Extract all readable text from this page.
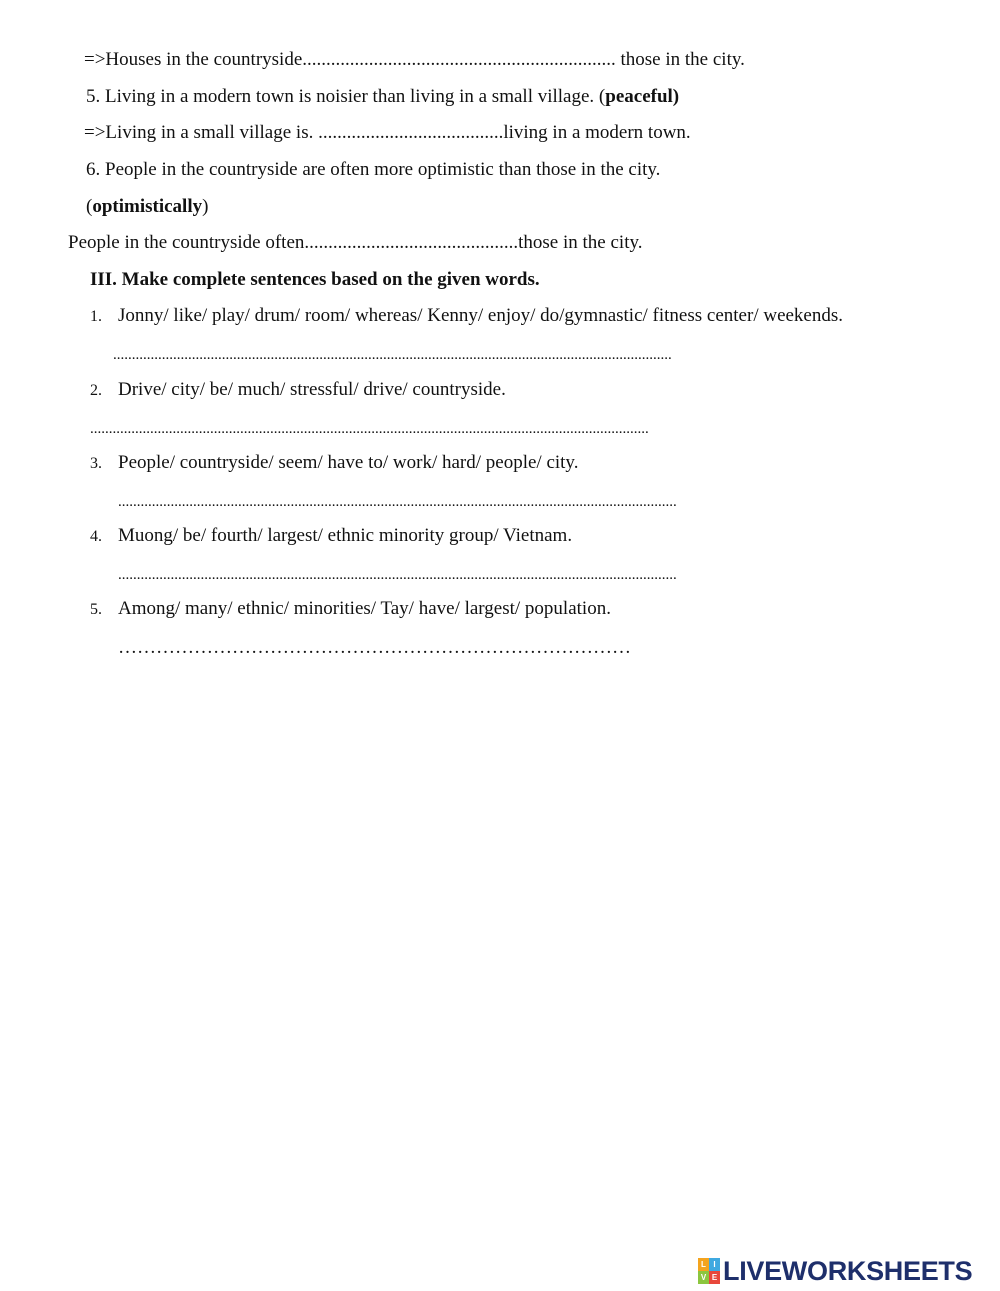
=>Houses in the countryside.................................................................. those in the city.
5. Living in a modern town is noisier than living in a small village. (peaceful)
=>Living in a small village is. .......................................living in a modern town.
6. People in the countryside are often more optimistic than those in the city.
(optimistically)
People in the countryside often.............................................those in the city.
III. Make complete sentences based on the given words.
1. Jonny/ like/ play/ drum/ room/ whereas/ Kenny/ enjoy/ do/gymnastic/ fitness center/ weekends.
.....................................................................................................................................................
2. Drive/ city/ be/ much/ stressful/ drive/ countryside.
.....................................................................................................................................................
3. People/ countryside/ seem/ have to/ work/ hard/ people/ city.
.....................................................................................................................................................
4. Muong/ be/ fourth/ largest/ ethnic minority group/ Vietnam.
.....................................................................................................................................................
5. Among/ many/ ethnic/ minorities/ Tay/ have/ largest/ population.
………………………………………………………………………
L I
V E LIVEWORKSHEETS
